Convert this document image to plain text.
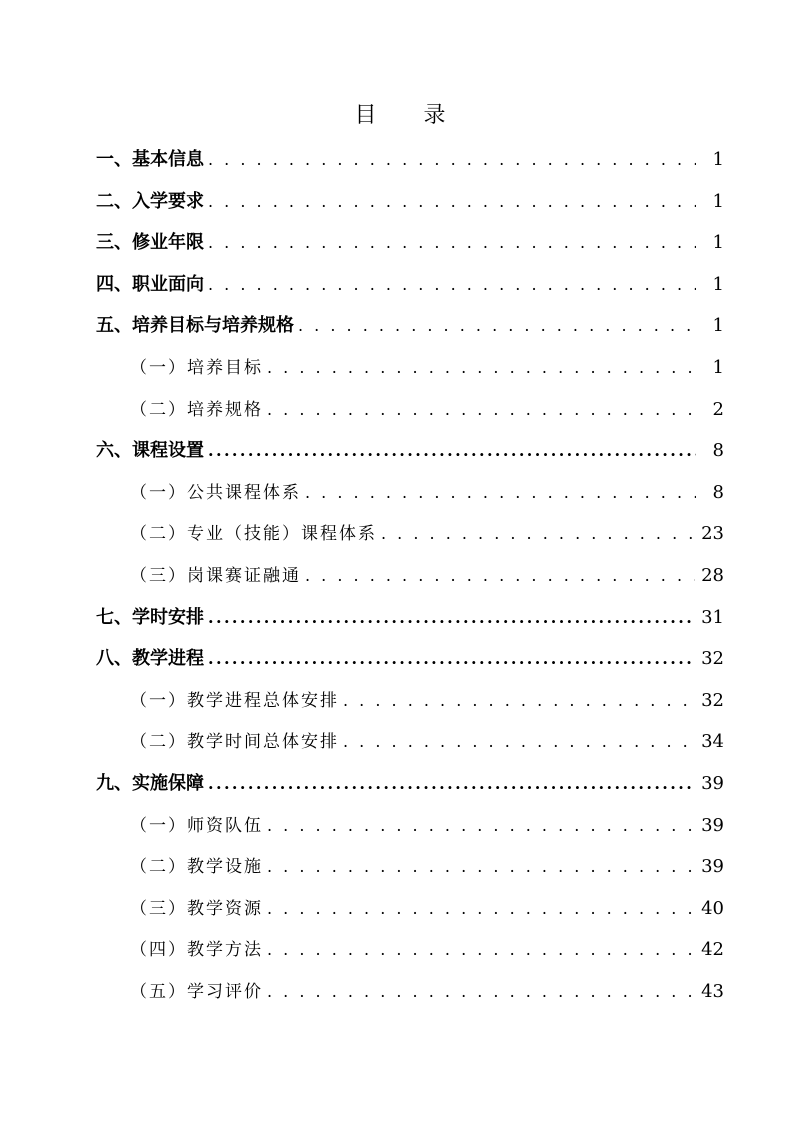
目 录
一、基本信息 . . .	1
二、入学要求 . . .	1
三、修业年限 . . .	1
四、职业面向 . . .	1
五、培养目标与培养规格 . . .	1
（一）培养目标 . . .	1
（二）培养规格 . . .	2
六、课程设置 .....	8
（一）公共课程体系 . . .	8
（二）专业（技能）课程体系 . . .	23
（三）岗课赛证融通 . . .	28
七、学时安排 .....	31
八、教学进程 .....	32
（一）教学进程总体安排 . . .	32
（二）教学时间总体安排 . . .	34
九、实施保障 .....	39
（一）师资队伍 . . .	39
（二）教学设施 . . .	39
（三）教学资源 . . .	40
（四）教学方法 . . .	42
（五）学习评价 . . .	43
